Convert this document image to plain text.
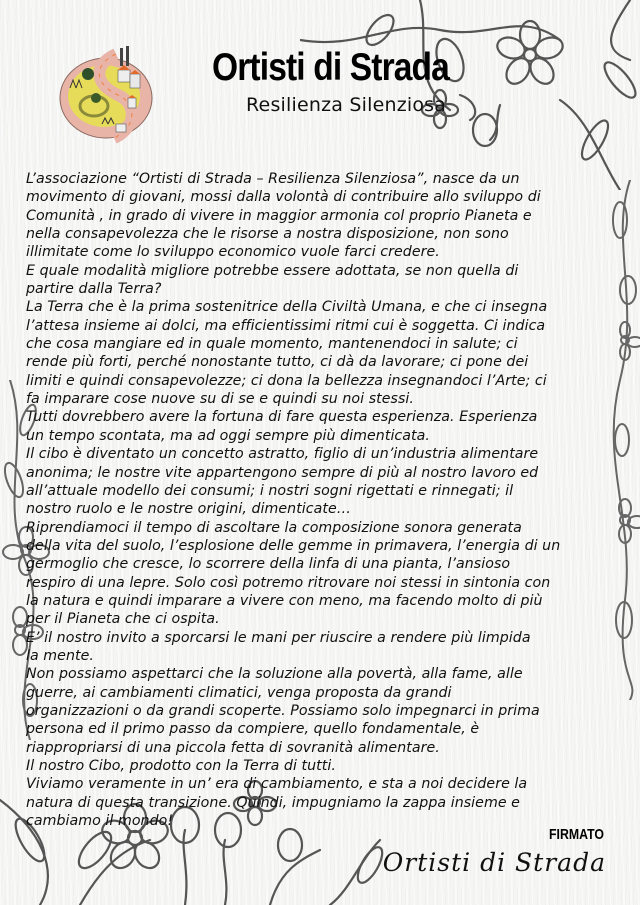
Ortisti di Strada
Resilienza Silenziosa
L’associazione “Ortisti di Strada – Resilienza Silenziosa”, nasce da un
movimento di giovani, mossi dalla volontà di contribuire allo sviluppo di
Comunità , in grado di vivere in maggior armonia col proprio Pianeta e
nella consapevolezza che le risorse a nostra disposizione, non sono
illimitate come lo sviluppo economico vuole farci credere.
E quale modalità migliore potrebbe essere adottata, se non quella di
partire dalla Terra?
La Terra che è la prima sostenitrice della Civiltà Umana, e che ci insegna
l’attesa insieme ai dolci, ma efficientissimi ritmi cui è soggetta. Ci indica
che cosa mangiare ed in quale momento, mantenendoci in salute; ci
rende più forti, perché nonostante tutto, ci dà da lavorare; ci pone dei
limiti e quindi consapevolezze; ci dona la bellezza insegnandoci l’Arte; ci
fa imparare cose nuove su di se e quindi su noi stessi.
Tutti dovrebbero avere la fortuna di fare questa esperienza. Esperienza
un tempo scontata, ma ad oggi sempre più dimenticata.
Il cibo è diventato un concetto astratto, figlio di un’industria alimentare
anonima; le nostre vite appartengono sempre di più al nostro lavoro ed
all’attuale modello dei consumi; i nostri sogni rigettati e rinnegati; il
nostro ruolo e le nostre origini, dimenticate…
Riprendiamoci il tempo di ascoltare la composizione sonora generata
della vita del suolo, l’esplosione delle gemme in primavera, l’energia di un
germoglio che cresce, lo scorrere della linfa di una pianta, l’ansioso
respiro di una lepre. Solo così potremo ritrovare noi stessi in sintonia con
la natura e quindi imparare a vivere con meno, ma facendo molto di più
per il Pianeta che ci ospita.
E’ il nostro invito a sporcarsi le mani per riuscire a rendere più limpida
la mente.
Non possiamo aspettarci che la soluzione alla povertà, alla fame, alle
guerre, ai cambiamenti climatici, venga proposta da grandi
organizzazioni o da grandi scoperte. Possiamo solo impegnarci in prima
persona ed il primo passo da compiere, quello fondamentale, è
riappropriarsi di una piccola fetta di sovranità alimentare.
Il nostro Cibo, prodotto con la Terra di tutti.
Viviamo veramente in un’ era di cambiamento, e sta a noi decidere la
natura di questa transizione. Quindi, impugniamo la zappa insieme e
cambiamo il mondo!
FIRMATO
Ortisti di Strada
